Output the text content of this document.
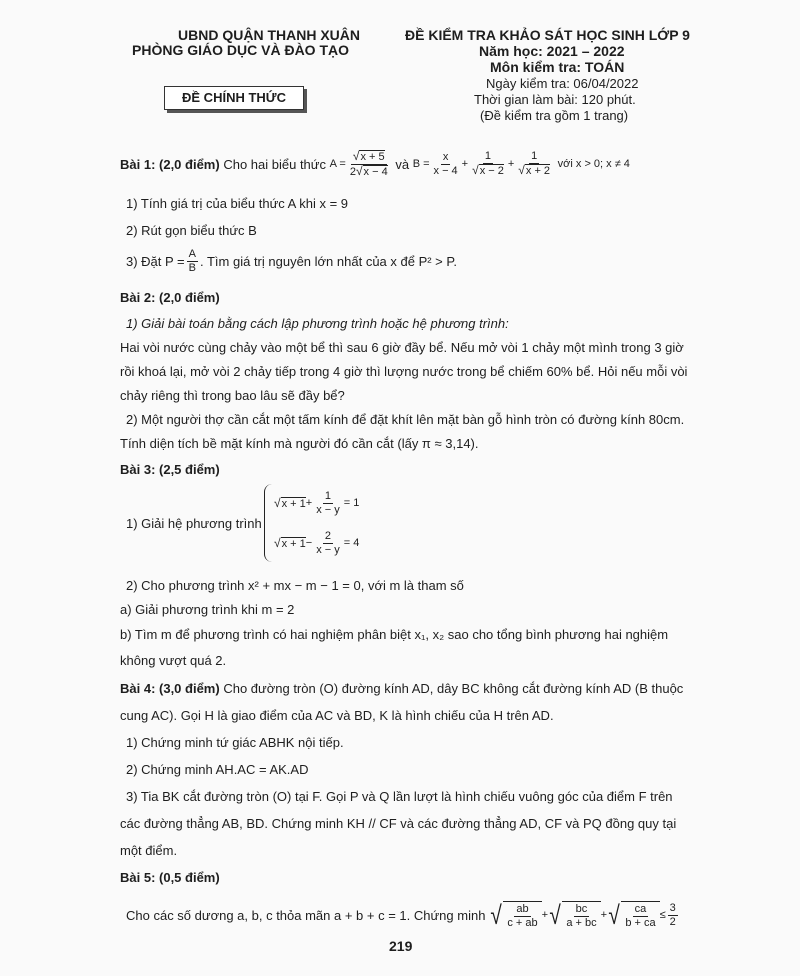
UBND QUẬN THANH XUÂN
PHÒNG GIÁO DỤC VÀ ĐÀO TẠO
ĐỀ CHÍNH THỨC
ĐỀ KIỂM TRA KHẢO SÁT HỌC SINH LỚP 9
Năm học: 2021 – 2022
Môn kiểm tra: TOÁN
Ngày kiểm tra: 06/04/2022
Thời gian làm bài: 120 phút.
(Đề kiểm tra gồm 1 trang)
Bài 1: (2,0 điểm)
Cho hai biểu thức
$A = \frac{√x + 5}{2√x - 4}$
và
$B = \frac{x}{x - 4} + \frac{1}{√x - 2} + \frac{1}{√x + 2}$
với x > 0; x ≠ 4
1) Tính giá trị của biểu thức A khi x = 9
2) Rút gọn biểu thức B
3) Đặt $P = \frac{A}{B}$ . Tìm giá trị nguyên lớn nhất của x để P² > P.
Bài 2: (2,0 điểm)
1) Giải bài toán bằng cách lập phương trình hoặc hệ phương trình:
Hai vòi nước cùng chảy vào một bể thì sau 6 giờ đầy bể. Nếu mở vòi 1 chảy một mình trong 3 giờ
rồi khoá lại, mở vòi 2 chảy tiếp trong 4 giờ thì lượng nước trong bể chiếm 60% bể. Hỏi nếu mỗi vòi
chảy riêng thì trong bao lâu sẽ đầy bể?
2) Một người thợ cần cắt một tấm kính để đặt khít lên mặt bàn gỗ hình tròn có đường kính 80cm.
Tính diện tích bề mặt kính mà người đó cần cắt (lấy π ≈ 3,14).
Bài 3: (2,5 điểm)
1) Giải hệ phương trình
√ $x + 1 + \frac{1}{x - y} = 1$
√ $x + 1 - \frac{2}{x - y} = 4$
2) Cho phương trình x² + mx − m − 1 = 0, với m là tham số
a) Giải phương trình khi m = 2
b) Tìm m để phương trình có hai nghiệm phân biệt x₁, x₂ sao cho tổng bình phương hai nghiệm
không vượt quá 2.
Bài 4: (3,0 điểm) Cho đường tròn (O) đường kính AD, dây BC không cắt đường kính AD (B thuộc
cung AC). Gọi H là giao điểm của AC và BD, K là hình chiếu của H trên AD.
1) Chứng minh tứ giác ABHK nội tiếp.
2) Chứng minh AH.AC = AK.AD
3) Tia BK cắt đường tròn (O) tại F. Gọi P và Q lần lượt là hình chiếu vuông góc của điểm F trên
các đường thẳng AB, BD. Chứng minh KH // CF và các đường thẳng AD, CF và PQ đồng quy tại
một điểm.
Bài 5: (0,5 điểm)
Cho các số dương a, b, c thỏa mãn a + b + c = 1. Chứng minh
√ $\frac{ab}{c + ab}$ + √ $\frac{bc}{a + bc}$ + √ $\frac{ca}{b + ca} \le \frac{3}{2}$
219
